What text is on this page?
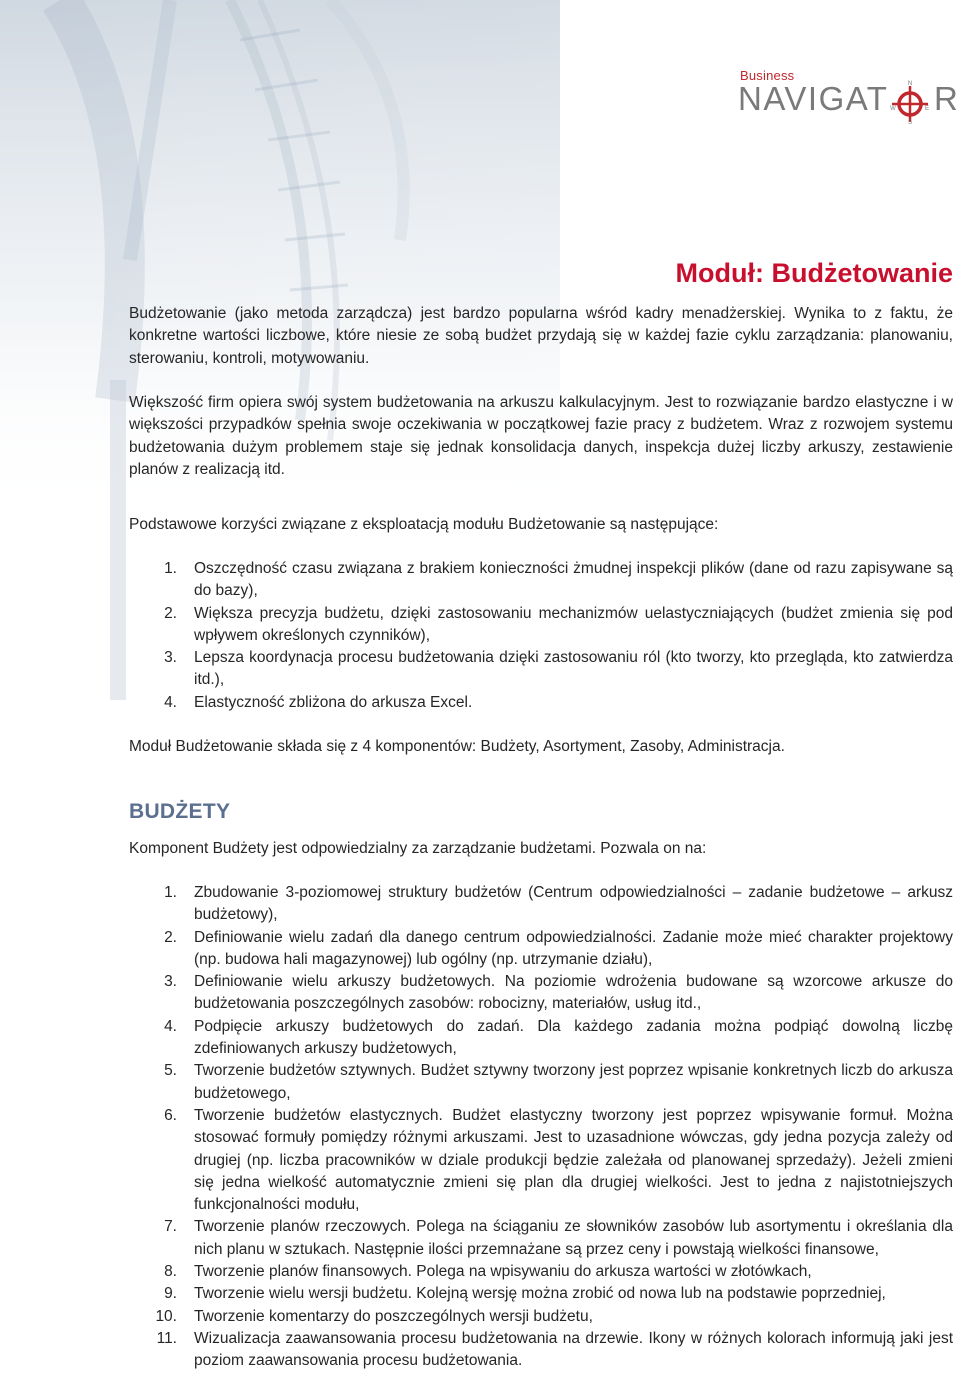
Business
NAVIGAT	N
S
W	E R
Moduł: Budżetowanie

Budżetowanie (jako metoda zarządcza) jest bardzo popularna wśród kadry menadżerskiej. Wynika to z faktu, że konkretne wartości liczbowe, które niesie ze sobą budżet przydają się w każdej fazie cyklu zarządzania: planowaniu, sterowaniu, kontroli, motywowaniu.

Większość firm opiera swój system budżetowania na arkuszu kalkulacyjnym. Jest to rozwiązanie bardzo elastyczne i w większości przypadków spełnia swoje oczekiwania w początkowej fazie pracy z budżetem. Wraz z rozwojem systemu budżetowania dużym problemem staje się jednak konsolidacja danych, inspekcja dużej liczby arkuszy, zestawienie planów z realizacją itd.

Podstawowe korzyści związane z eksploatacją modułu Budżetowanie są następujące:

1. Oszczędność czasu związana z brakiem konieczności żmudnej inspekcji plików (dane od razu zapisywane są do bazy),
2. Większa precyzja budżetu, dzięki zastosowaniu mechanizmów uelastyczniających (budżet zmienia się pod wpływem określonych czynników),
3. Lepsza koordynacja procesu budżetowania dzięki zastosowaniu ról (kto tworzy, kto przegląda, kto zatwierdza itd.),
4. Elastyczność zbliżona do arkusza Excel.

Moduł Budżetowanie składa się z 4 komponentów: Budżety, Asortyment, Zasoby, Administracja.

BUDŻETY

Komponent Budżety jest odpowiedzialny za zarządzanie budżetami. Pozwala on na:

1. Zbudowanie 3-poziomowej struktury budżetów (Centrum odpowiedzialności – zadanie budżetowe – arkusz budżetowy),
2. Definiowanie wielu zadań dla danego centrum odpowiedzialności. Zadanie może mieć charakter projektowy (np. budowa hali magazynowej) lub ogólny (np. utrzymanie działu),
3. Definiowanie wielu arkuszy budżetowych. Na poziomie wdrożenia budowane są wzorcowe arkusze do budżetowania poszczególnych zasobów: robocizny, materiałów, usług itd.,
4. Podpięcie arkuszy budżetowych do zadań. Dla każdego zadania można podpiąć dowolną liczbę zdefiniowanych arkuszy budżetowych,
5. Tworzenie budżetów sztywnych. Budżet sztywny tworzony jest poprzez wpisanie konkretnych liczb do arkusza budżetowego,
6. Tworzenie budżetów elastycznych. Budżet elastyczny tworzony jest poprzez wpisywanie formuł. Można stosować formuły pomiędzy różnymi arkuszami. Jest to uzasadnione wówczas, gdy jedna pozycja zależy od drugiej (np. liczba pracowników w dziale produkcji będzie zależała od planowanej sprzedaży). Jeżeli zmieni się jedna wielkość automatycznie zmieni się plan dla drugiej wielkości. Jest to jedna z najistotniejszych funkcjonalności modułu,
7. Tworzenie planów rzeczowych. Polega na ściąganiu ze słowników zasobów lub asortymentu i określania dla nich planu w sztukach. Następnie ilości przemnażane są przez ceny i powstają wielkości finansowe,
8. Tworzenie planów finansowych. Polega na wpisywaniu do arkusza wartości w złotówkach,
9. Tworzenie wielu wersji budżetu. Kolejną wersję można zrobić od nowa lub na podstawie poprzedniej,
10. Tworzenie komentarzy do poszczególnych wersji budżetu,
11. Wizualizacja zaawansowania procesu budżetowania na drzewie. Ikony w różnych kolorach informują jaki jest poziom zaawansowania procesu budżetowania.
